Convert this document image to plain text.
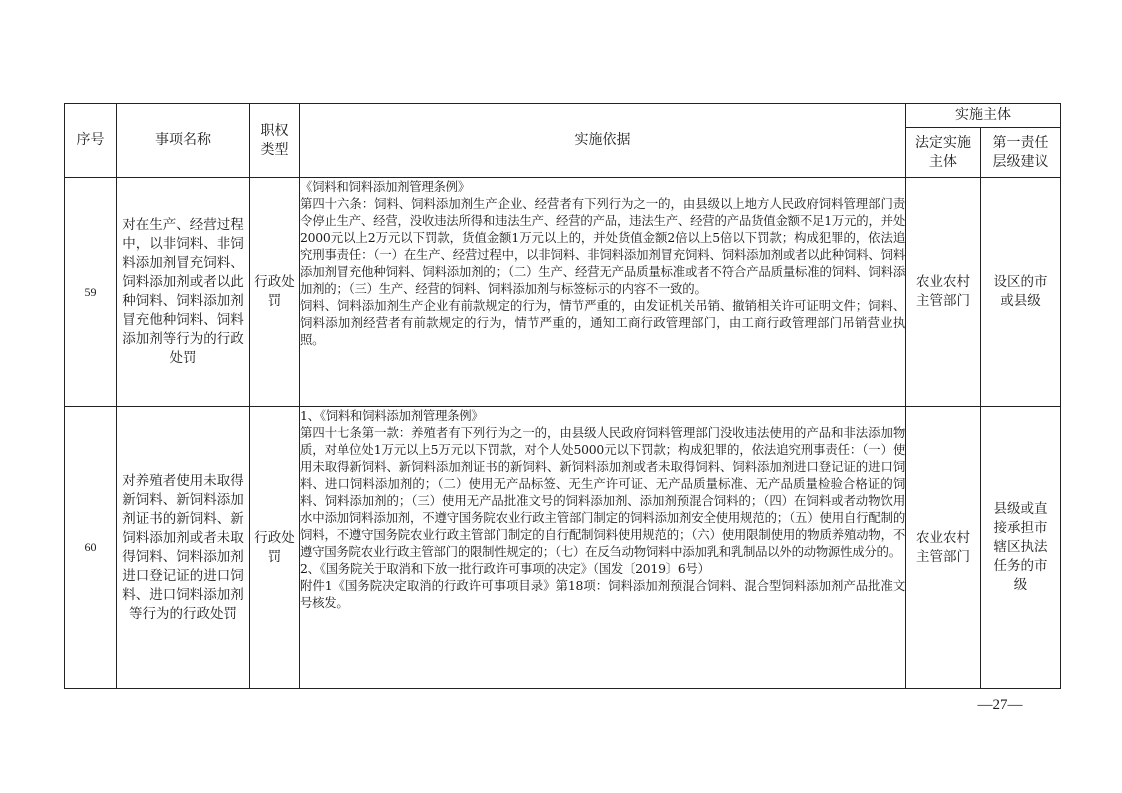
序号	事项名称	职权类型	实施依据	实施主体	
				法定实施主体	第一责任层级建议
59	对在生产、经营过程中，以非饲料、非饲料添加剂冒充饲料、饲料添加剂或者以此种饲料、饲料添加剂冒充他种饲料、饲料添加剂等行为的行政处罚	行政处罚	《饲料和饲料添加剂管理条例》

第四十六条：饲料、饲料添加剂生产企业、经营者有下列行为之一的，由县级以上地方人民政府饲料管理部门责令停止生产、经营，没收违法所得和违法生产、经营的产品，违法生产、经营的产品货值金额不足1万元的，并处2000元以上2万元以下罚款，货值金额1万元以上的，并处货值金额2倍以上5倍以下罚款；构成犯罪的，依法追究刑事责任：（一）在生产、经营过程中，以非饲料、非饲料添加剂冒充饲料、饲料添加剂或者以此种饲料、饲料添加剂冒充他种饲料、饲料添加剂的；（二）生产、经营无产品质量标准或者不符合产品质量标准的饲料、饲料添加剂的；（三）生产、经营的饲料、饲料添加剂与标签标示的内容不一致的。

饲料、饲料添加剂生产企业有前款规定的行为，情节严重的，由发证机关吊销、撤销相关许可证明文件；饲料、饲料添加剂经营者有前款规定的行为，情节严重的，通知工商行政管理部门，由工商行政管理部门吊销营业执照。	农业农村主管部门	设区的市或县级
60	对养殖者使用未取得新饲料、新饲料添加剂证书的新饲料、新饲料添加剂或者未取得饲料、饲料添加剂进口登记证的进口饲料、进口饲料添加剂等行为的行政处罚	行政处罚	1、《饲料和饲料添加剂管理条例》

第四十七条第一款：养殖者有下列行为之一的，由县级人民政府饲料管理部门没收违法使用的产品和非法添加物质，对单位处1万元以上5万元以下罚款，对个人处5000元以下罚款；构成犯罪的，依法追究刑事责任：（一）使用未取得新饲料、新饲料添加剂证书的新饲料、新饲料添加剂或者未取得饲料、饲料添加剂进口登记证的进口饲料、进口饲料添加剂的；（二）使用无产品标签、无生产许可证、无产品质量标准、无产品质量检验合格证的饲料、饲料添加剂的；（三）使用无产品批准文号的饲料添加剂、添加剂预混合饲料的；（四）在饲料或者动物饮用水中添加饲料添加剂，不遵守国务院农业行政主管部门制定的饲料添加剂安全使用规范的；（五）使用自行配制的饲料，不遵守国务院农业行政主管部门制定的自行配制饲料使用规范的；（六）使用限制使用的物质养殖动物，不遵守国务院农业行政主管部门的限制性规定的；（七）在反刍动物饲料中添加乳和乳制品以外的动物源性成分的。

2、《国务院关于取消和下放一批行政许可事项的决定》（国发〔2019〕6号）

附件1《国务院决定取消的行政许可事项目录》第18项：饲料添加剂预混合饲料、混合型饲料添加剂产品批准文号核发。	农业农村主管部门	县级或直接承担市辖区执法任务的市级
—27—
